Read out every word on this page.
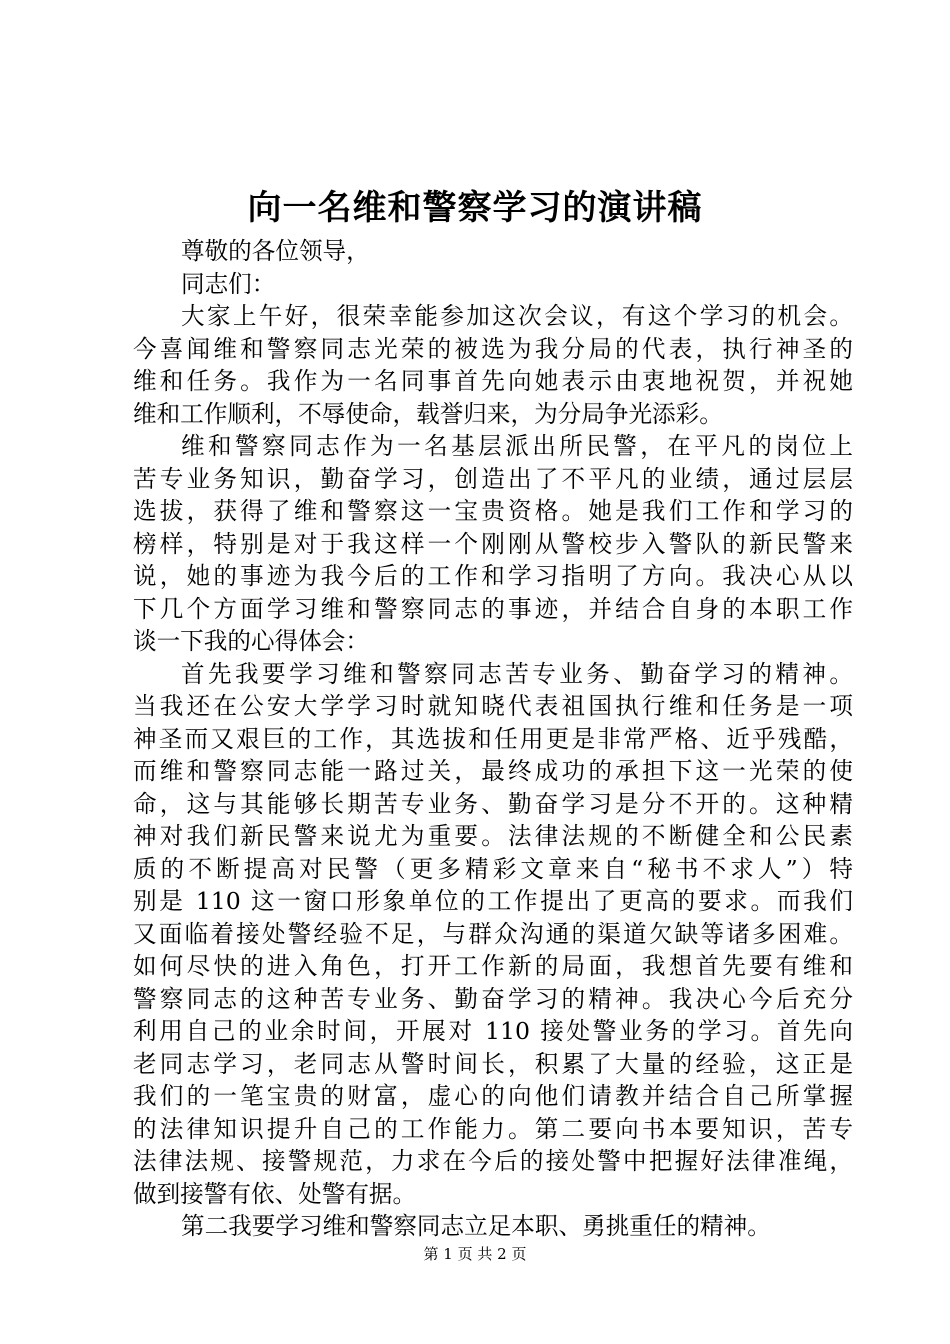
向一名维和警察学习的演讲稿
尊敬的各位领导，
同志们：
大家上午好，很荣幸能参加这次会议，有这个学习的机会。
今喜闻维和警察同志光荣的被选为我分局的代表，执行神圣的
维和任务。我作为一名同事首先向她表示由衷地祝贺，并祝她
维和工作顺利，不辱使命，载誉归来，为分局争光添彩。
维和警察同志作为一名基层派出所民警，在平凡的岗位上
苦专业务知识，勤奋学习，创造出了不平凡的业绩，通过层层
选拔，获得了维和警察这一宝贵资格。她是我们工作和学习的
榜样，特别是对于我这样一个刚刚从警校步入警队的新民警来
说，她的事迹为我今后的工作和学习指明了方向。我决心从以
下几个方面学习维和警察同志的事迹，并结合自身的本职工作
谈一下我的心得体会：
首先我要学习维和警察同志苦专业务、勤奋学习的精神。
当我还在公安大学学习时就知晓代表祖国执行维和任务是一项
神圣而又艰巨的工作，其选拔和任用更是非常严格、近乎残酷，
而维和警察同志能一路过关，最终成功的承担下这一光荣的使
命，这与其能够长期苦专业务、勤奋学习是分不开的。这种精
神对我们新民警来说尤为重要。法律法规的不断健全和公民素
质的不断提高对民警（更多精彩文章来自“秘书不求人”）特
别是 110 这一窗口形象单位的工作提出了更高的要求。而我们
又面临着接处警经验不足，与群众沟通的渠道欠缺等诸多困难。
如何尽快的进入角色，打开工作新的局面，我想首先要有维和
警察同志的这种苦专业务、勤奋学习的精神。我决心今后充分
利用自己的业余时间，开展对 110 接处警业务的学习。首先向
老同志学习，老同志从警时间长，积累了大量的经验，这正是
我们的一笔宝贵的财富，虚心的向他们请教并结合自己所掌握
的法律知识提升自己的工作能力。第二要向书本要知识，苦专
法律法规、接警规范，力求在今后的接处警中把握好法律准绳，
做到接警有依、处警有据。
第二我要学习维和警察同志立足本职、勇挑重任的精神。
第 1 页 共 2 页
